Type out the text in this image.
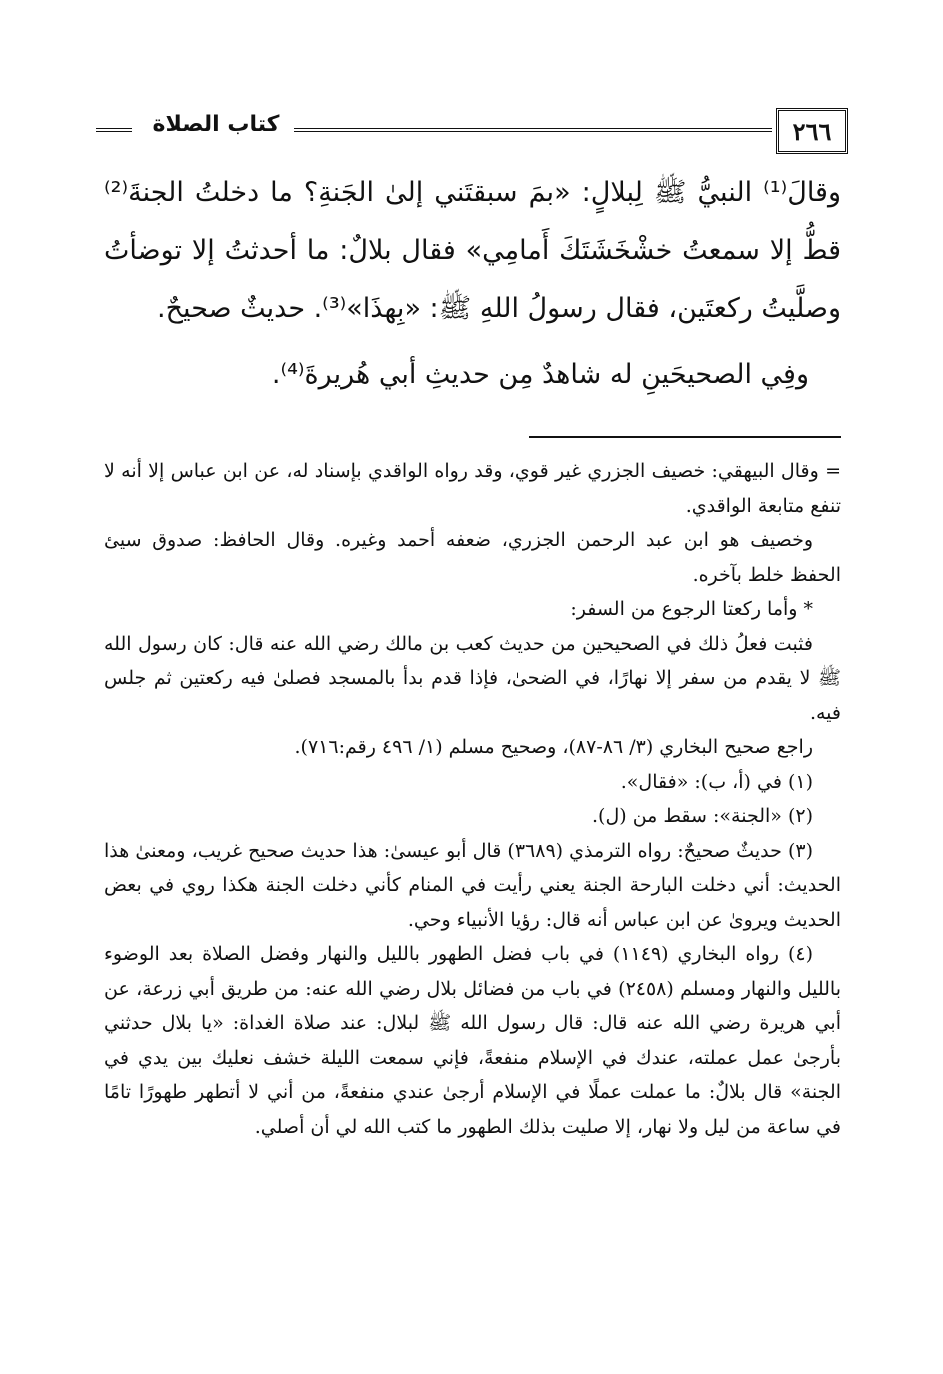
٢٦٦
كتاب الصلاة

وقالَ⁽¹⁾ النبيُّ ﷺ لِبلالٍ: «بمَ سبقتَني إلىٰ الجَنةِ؟ ما دخلتُ الجنةَ⁽²⁾ قطُّ إلا سمعتُ خشْخَشَتَكَ أَمامِي» فقال بلالٌ: ما أحدثتُ إلا توضأتُ وصلَّيتُ ركعتَين، فقال رسولُ اللهِ ﷺ: «بِهذَا»⁽³⁾. حديثٌ صحيحٌ.

وفِي الصحيحَينِ له شاهدٌ مِن حديثِ أبي هُريرةَ⁽⁴⁾.

= وقال البيهقي: خصيف الجزري غير قوي، وقد رواه الواقدي بإسناد له، عن ابن عباس إلا أنه لا تنفع متابعة الواقدي.

وخصيف هو ابن عبد الرحمن الجزري، ضعفه أحمد وغيره. وقال الحافظ: صدوق سيئ الحفظ خلط بآخره.

* وأما ركعتا الرجوع من السفر:

فثبت فعلُ ذلك في الصحيحين من حديث كعب بن مالك رضي الله عنه قال: كان رسول الله ﷺ لا يقدم من سفر إلا نهارًا، في الضحىٰ، فإذا قدم بدأ بالمسجد فصلىٰ فيه ركعتين ثم جلس فيه.

راجع صحيح البخاري (٣/ ٨٦-٨٧)، وصحيح مسلم (١/ ٤٩٦ رقم:٧١٦).

(١) في (أ، ب): «فقال».

(٢) «الجنة»: سقط من (ل).

(٣) حديثٌ صحيحٌ: رواه الترمذي (٣٦٨٩) قال أبو عيسىٰ: هذا حديث صحيح غريب، ومعنىٰ هذا الحديث: أني دخلت البارحة الجنة يعني رأيت في المنام كأني دخلت الجنة هكذا روي في بعض الحديث ويروىٰ عن ابن عباس أنه قال: رؤيا الأنبياء وحي.

(٤) رواه البخاري (١١٤٩) في باب فضل الطهور بالليل والنهار وفضل الصلاة بعد الوضوء بالليل والنهار ومسلم (٢٤٥٨) في باب من فضائل بلال رضي الله عنه: من طريق أبي زرعة، عن أبي هريرة رضي الله عنه قال: قال رسول الله ﷺ لبلال: عند صلاة الغداة: «يا بلال حدثني بأرجىٰ عمل عملته، عندك في الإسلام منفعةً، فإني سمعت الليلة خشف نعليك بين يدي في الجنة» قال بلالٌ: ما عملت عملًا في الإسلام أرجىٰ عندي منفعةً، من أني لا أتطهر طهورًا تامًا في ساعة من ليل ولا نهار، إلا صليت بذلك الطهور ما كتب الله لي أن أصلي.
